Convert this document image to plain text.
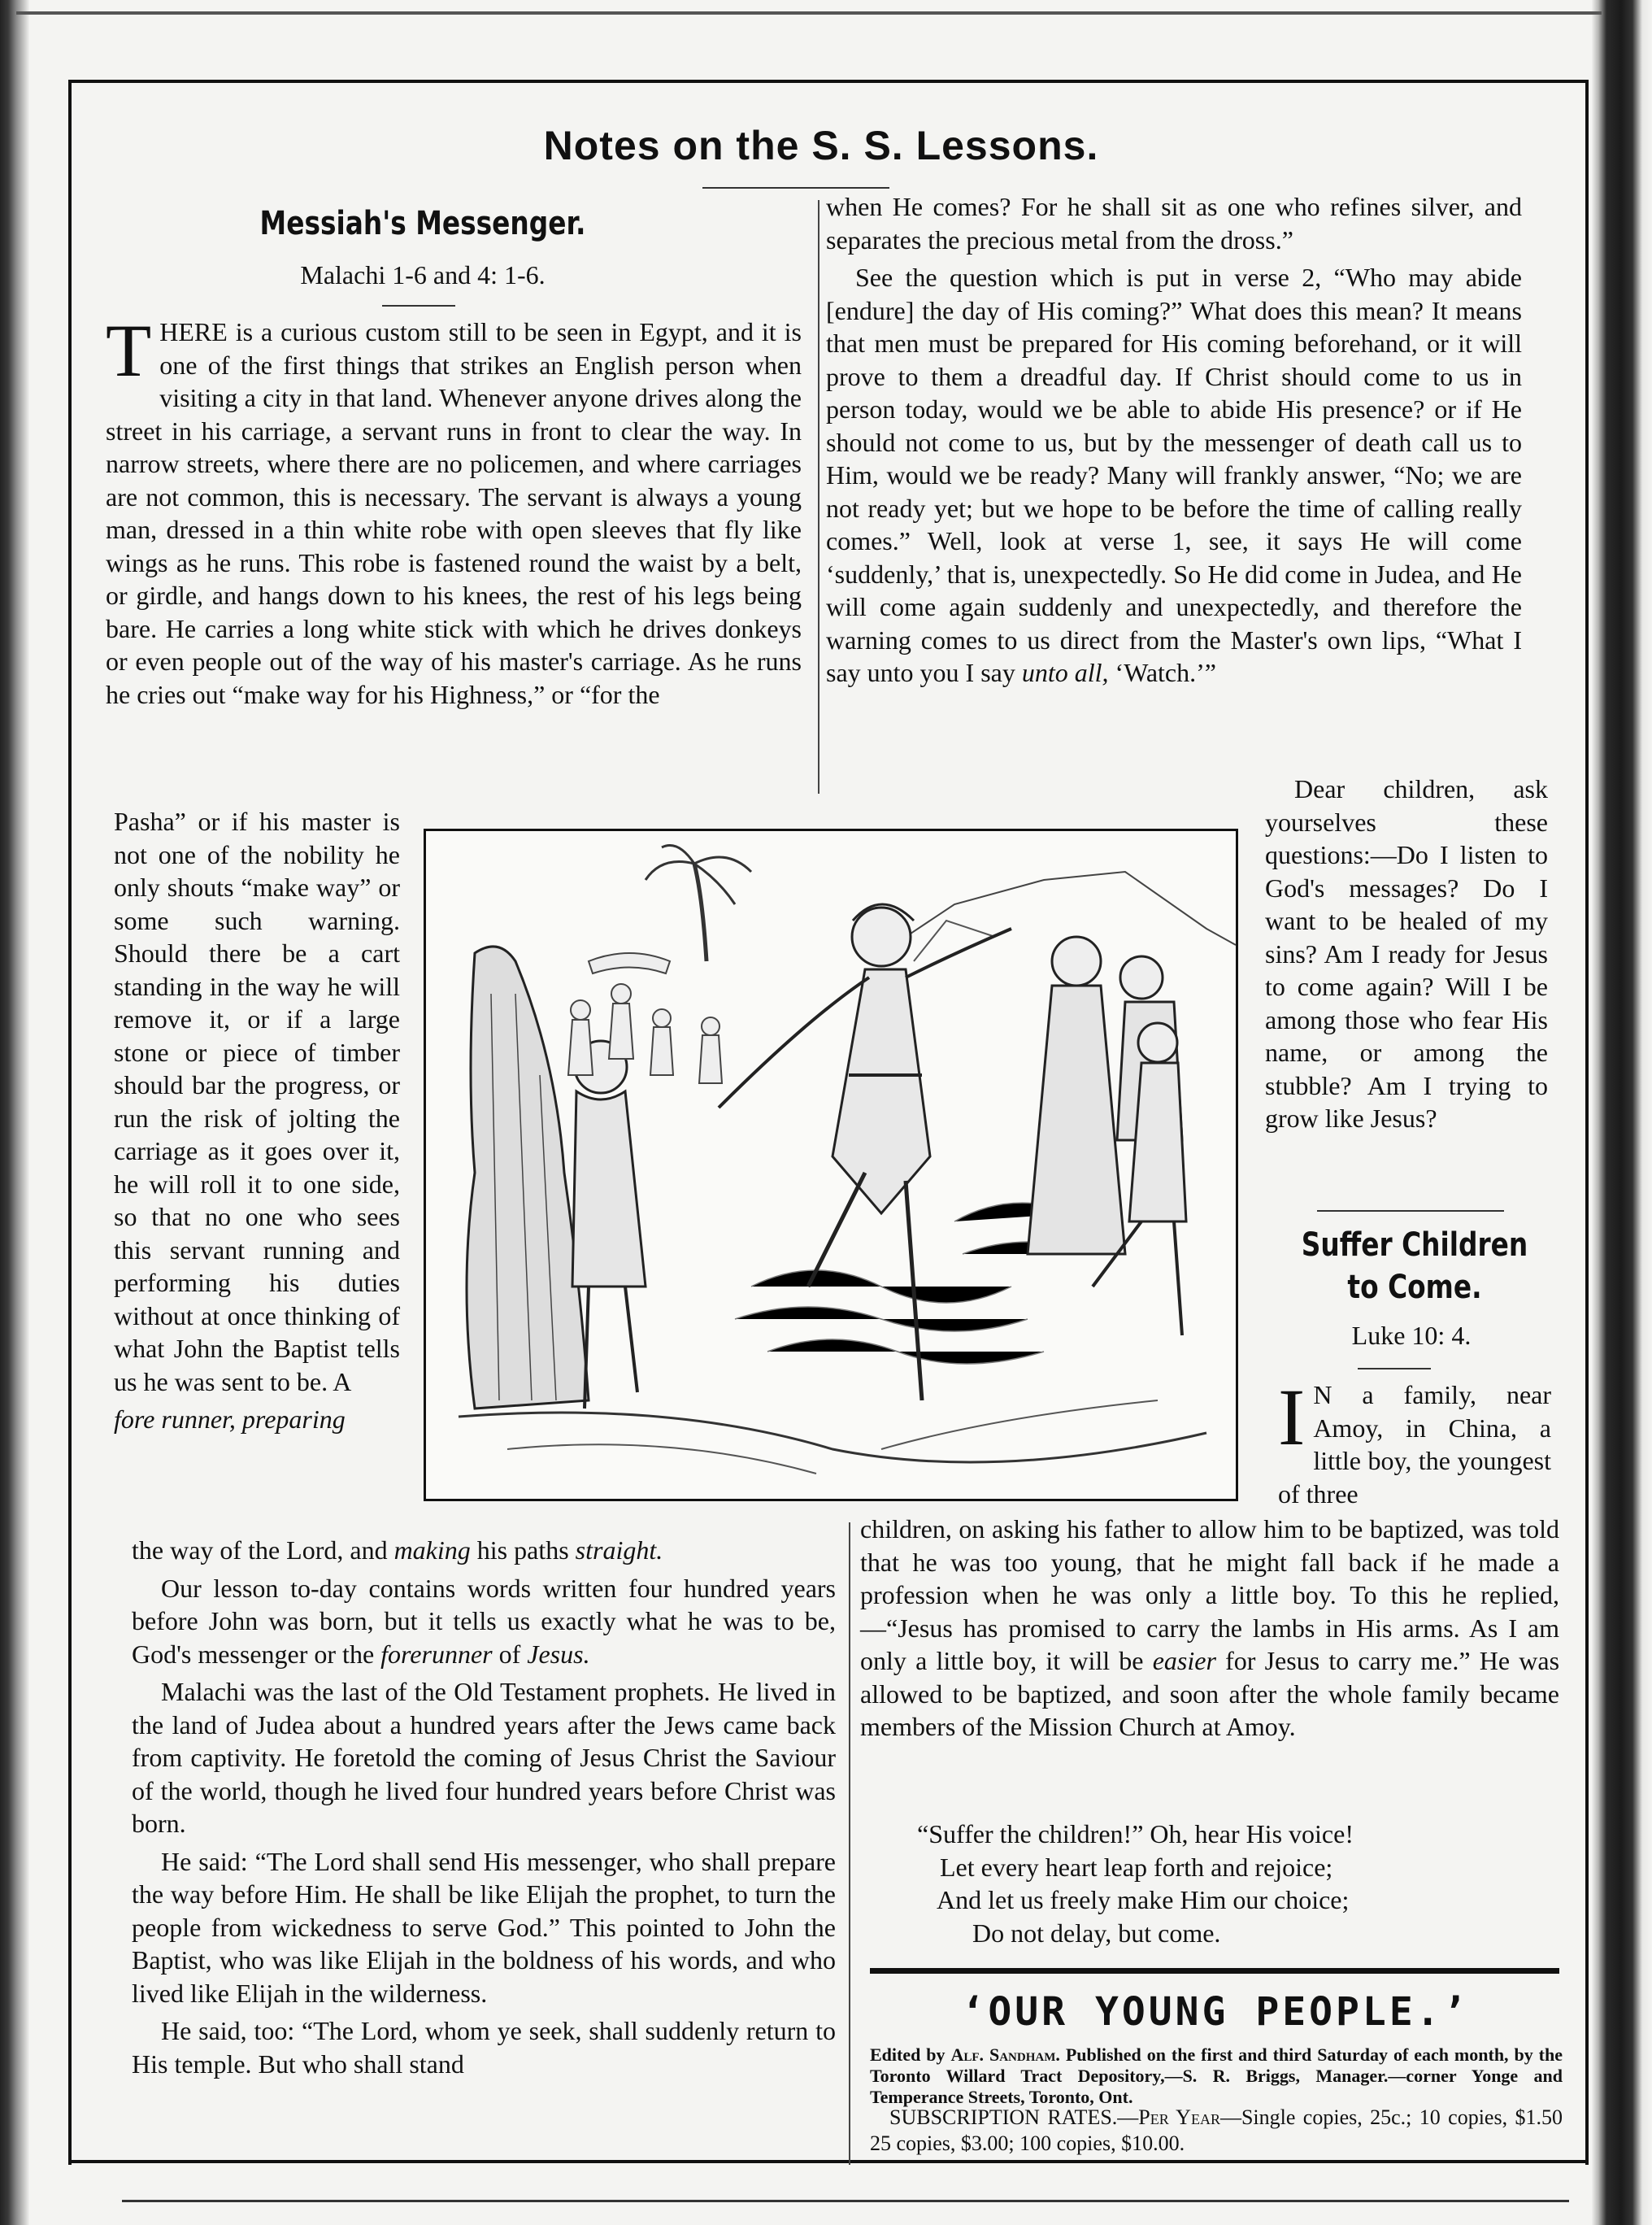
Notes on the S. S. Lessons.
Messiah's Messenger.
Malachi 1-6 and 4: 1-6.

THERE is a curious custom still to be seen in Egypt, and it is one of the first things that strikes an English person when visiting a city in that land. Whenever anyone drives along the street in his carriage, a servant runs in front to clear the way. In narrow streets, where there are no policemen, and where carriages are not common, this is necessary. The servant is always a young man, dressed in a thin white robe with open sleeves that fly like wings as he runs. This robe is fastened round the waist by a belt, or girdle, and hangs down to his knees, the rest of his legs being bare. He carries a long white stick with which he drives donkeys or even people out of the way of his master's carriage. As he runs he cries out “make way for his Highness,” or “for the

Pasha” or if his master is not one of the nobility he only shouts “make way” or some such warning. Should there be a cart standing in the way he will remove it, or if a large stone or piece of timber should bar the progress, or run the risk of jolting the carriage as it goes over it, he will roll it to one side, so that no one who sees this servant running and performing his duties without at once thinking of what John the Baptist tells us he was sent to be. A

fore runner, preparing

the way of the Lord, and making his paths straight.

Our lesson to-day contains words written four hundred years before John was born, but it tells us exactly what he was to be, God's messenger or the forerunner of Jesus.

Malachi was the last of the Old Testament prophets. He lived in the land of Judea about a hundred years after the Jews came back from captivity. He foretold the coming of Jesus Christ the Saviour of the world, though he lived four hundred years before Christ was born.

He said: “The Lord shall send His messenger, who shall prepare the way before Him. He shall be like Elijah the prophet, to turn the people from wickedness to serve God.” This pointed to John the Baptist, who was like Elijah in the boldness of his words, and who lived like Elijah in the wilderness.

He said, too: “The Lord, whom ye seek, shall suddenly return to His temple. But who shall stand

when He comes? For he shall sit as one who refines silver, and separates the precious metal from the dross.”

See the question which is put in verse 2, “Who may abide [endure] the day of His coming?” What does this mean? It means that men must be prepared for His coming beforehand, or it will prove to them a dreadful day. If Christ should come to us in person today, would we be able to abide His presence? or if He should not come to us, but by the messenger of death call us to Him, would we be ready? Many will frankly answer, “No; we are not ready yet; but we hope to be before the time of calling really comes.” Well, look at verse 1, see, it says He will come ‘suddenly,’ that is, unexpectedly. So He did come in Judea, and He will come again suddenly and unexpectedly, and therefore the warning comes to us direct from the Master's own lips, “What I say unto you I say unto all, ‘Watch.’”

Dear children, ask yourselves these questions:—Do I listen to God's messages? Do I want to be healed of my sins? Am I ready for Jesus to come again? Will I be among those who fear His name, or among the stubble? Am I trying to grow like Jesus?

Suffer Children
to Come.
Luke 10: 4.

I N a family, near Amoy, in China, a little boy, the youngest of three

children, on asking his father to allow him to be baptized, was told that he was too young, that he might fall back if he made a profession when he was only a little boy. To this he replied,—“Jesus has promised to carry the lambs in His arms. As I am only a little boy, it will be easier for Jesus to carry me.” He was allowed to be baptized, and soon after the whole family became members of the Mission Church at Amoy.

“Suffer the children!” Oh, hear His voice!
Let every heart leap forth and rejoice;
And let us freely make Him our choice;
Do not delay, but come.
‘OUR YOUNG PEOPLE.’
Edited by Alf. Sandham. Published on the first and third Saturday of each month, by the Toronto Willard Tract Depository,—S. R. Briggs, Manager.—corner Yonge and Temperance Streets, Toronto, Ont.
SUBSCRIPTION RATES.—Per Year—Single copies, 25c.; 10 copies, $1.50 25 copies, $3.00; 100 copies, $10.00.
